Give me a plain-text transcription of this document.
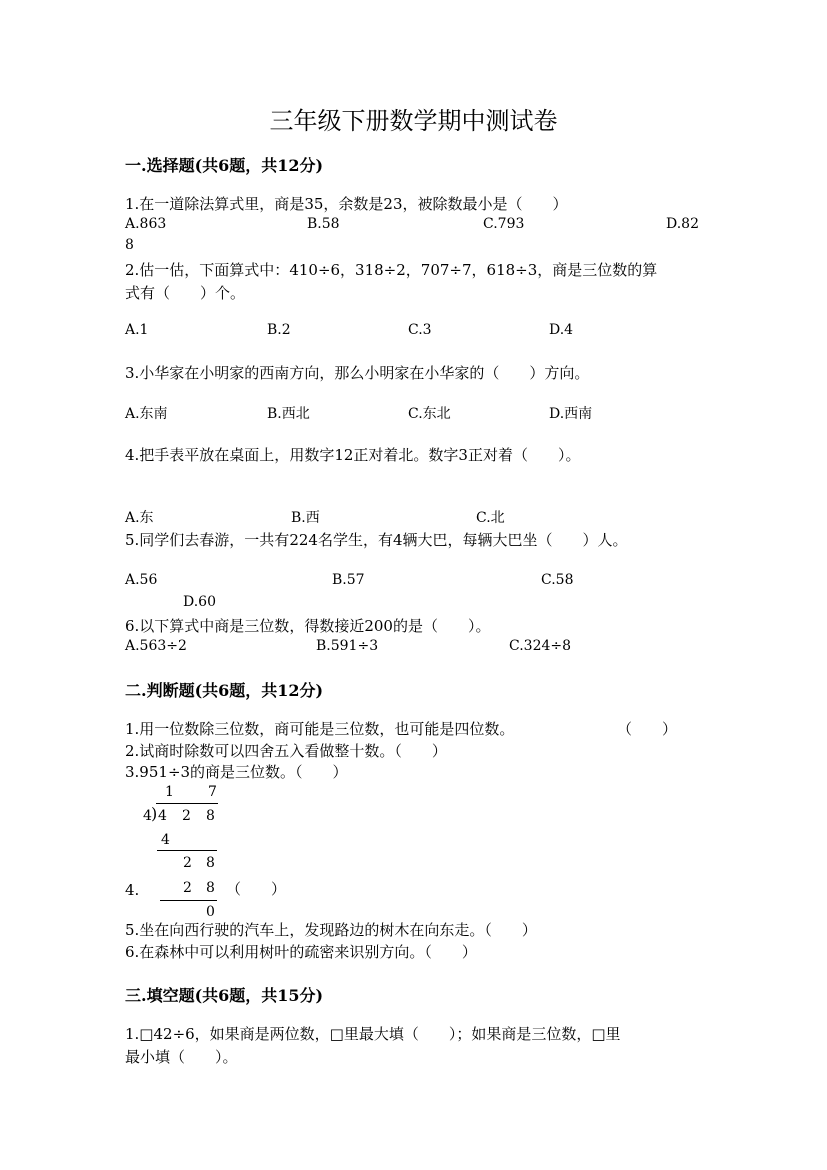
三年级下册数学期中测试卷
一.选择题(共6题，共12分)
1.在一道除法算式里，商是35，余数是23，被除数最小是（　　）
A.863	B.58	C.793	D.82
8
2.估一估，下面算式中：410÷6，318÷2，707÷7，618÷3，商是三位数的算
式有（　　）个。
A.1	B.2	C.3	D.4
3.小华家在小明家的西南方向，那么小明家在小华家的（　　）方向。
A.东南	B.西北	C.东北	D.西南
4.把手表平放在桌面上，用数字12正对着北。数字3正对着（　　）。
A.东	B.西	C.北
5.同学们去春游，一共有224名学生，有4辆大巴，每辆大巴坐（　　）人。
A.56	B.57	C.58
D.60
6.以下算式中商是三位数，得数接近200的是（　　）。
A.563÷2	B.591÷3	C.324÷8
二.判断题(共6题，共12分)
1.用一位数除三位数，商可能是三位数，也可能是四位数。	（　　）
2.试商时除数可以四舍五入看做整十数。（　　）
3.951÷3的商是三位数。（　　）
1 7
4 ) 4 2 8
4
2 8
2 8
0
4.	（　　）
5.坐在向西行驶的汽车上，发现路边的树木在向东走。（　　）
6.在森林中可以利用树叶的疏密来识别方向。（　　）
三.填空题(共6题，共15分)
1.□42÷6，如果商是两位数，□里最大填（　　）；如果商是三位数，□里
最小填（　　）。
